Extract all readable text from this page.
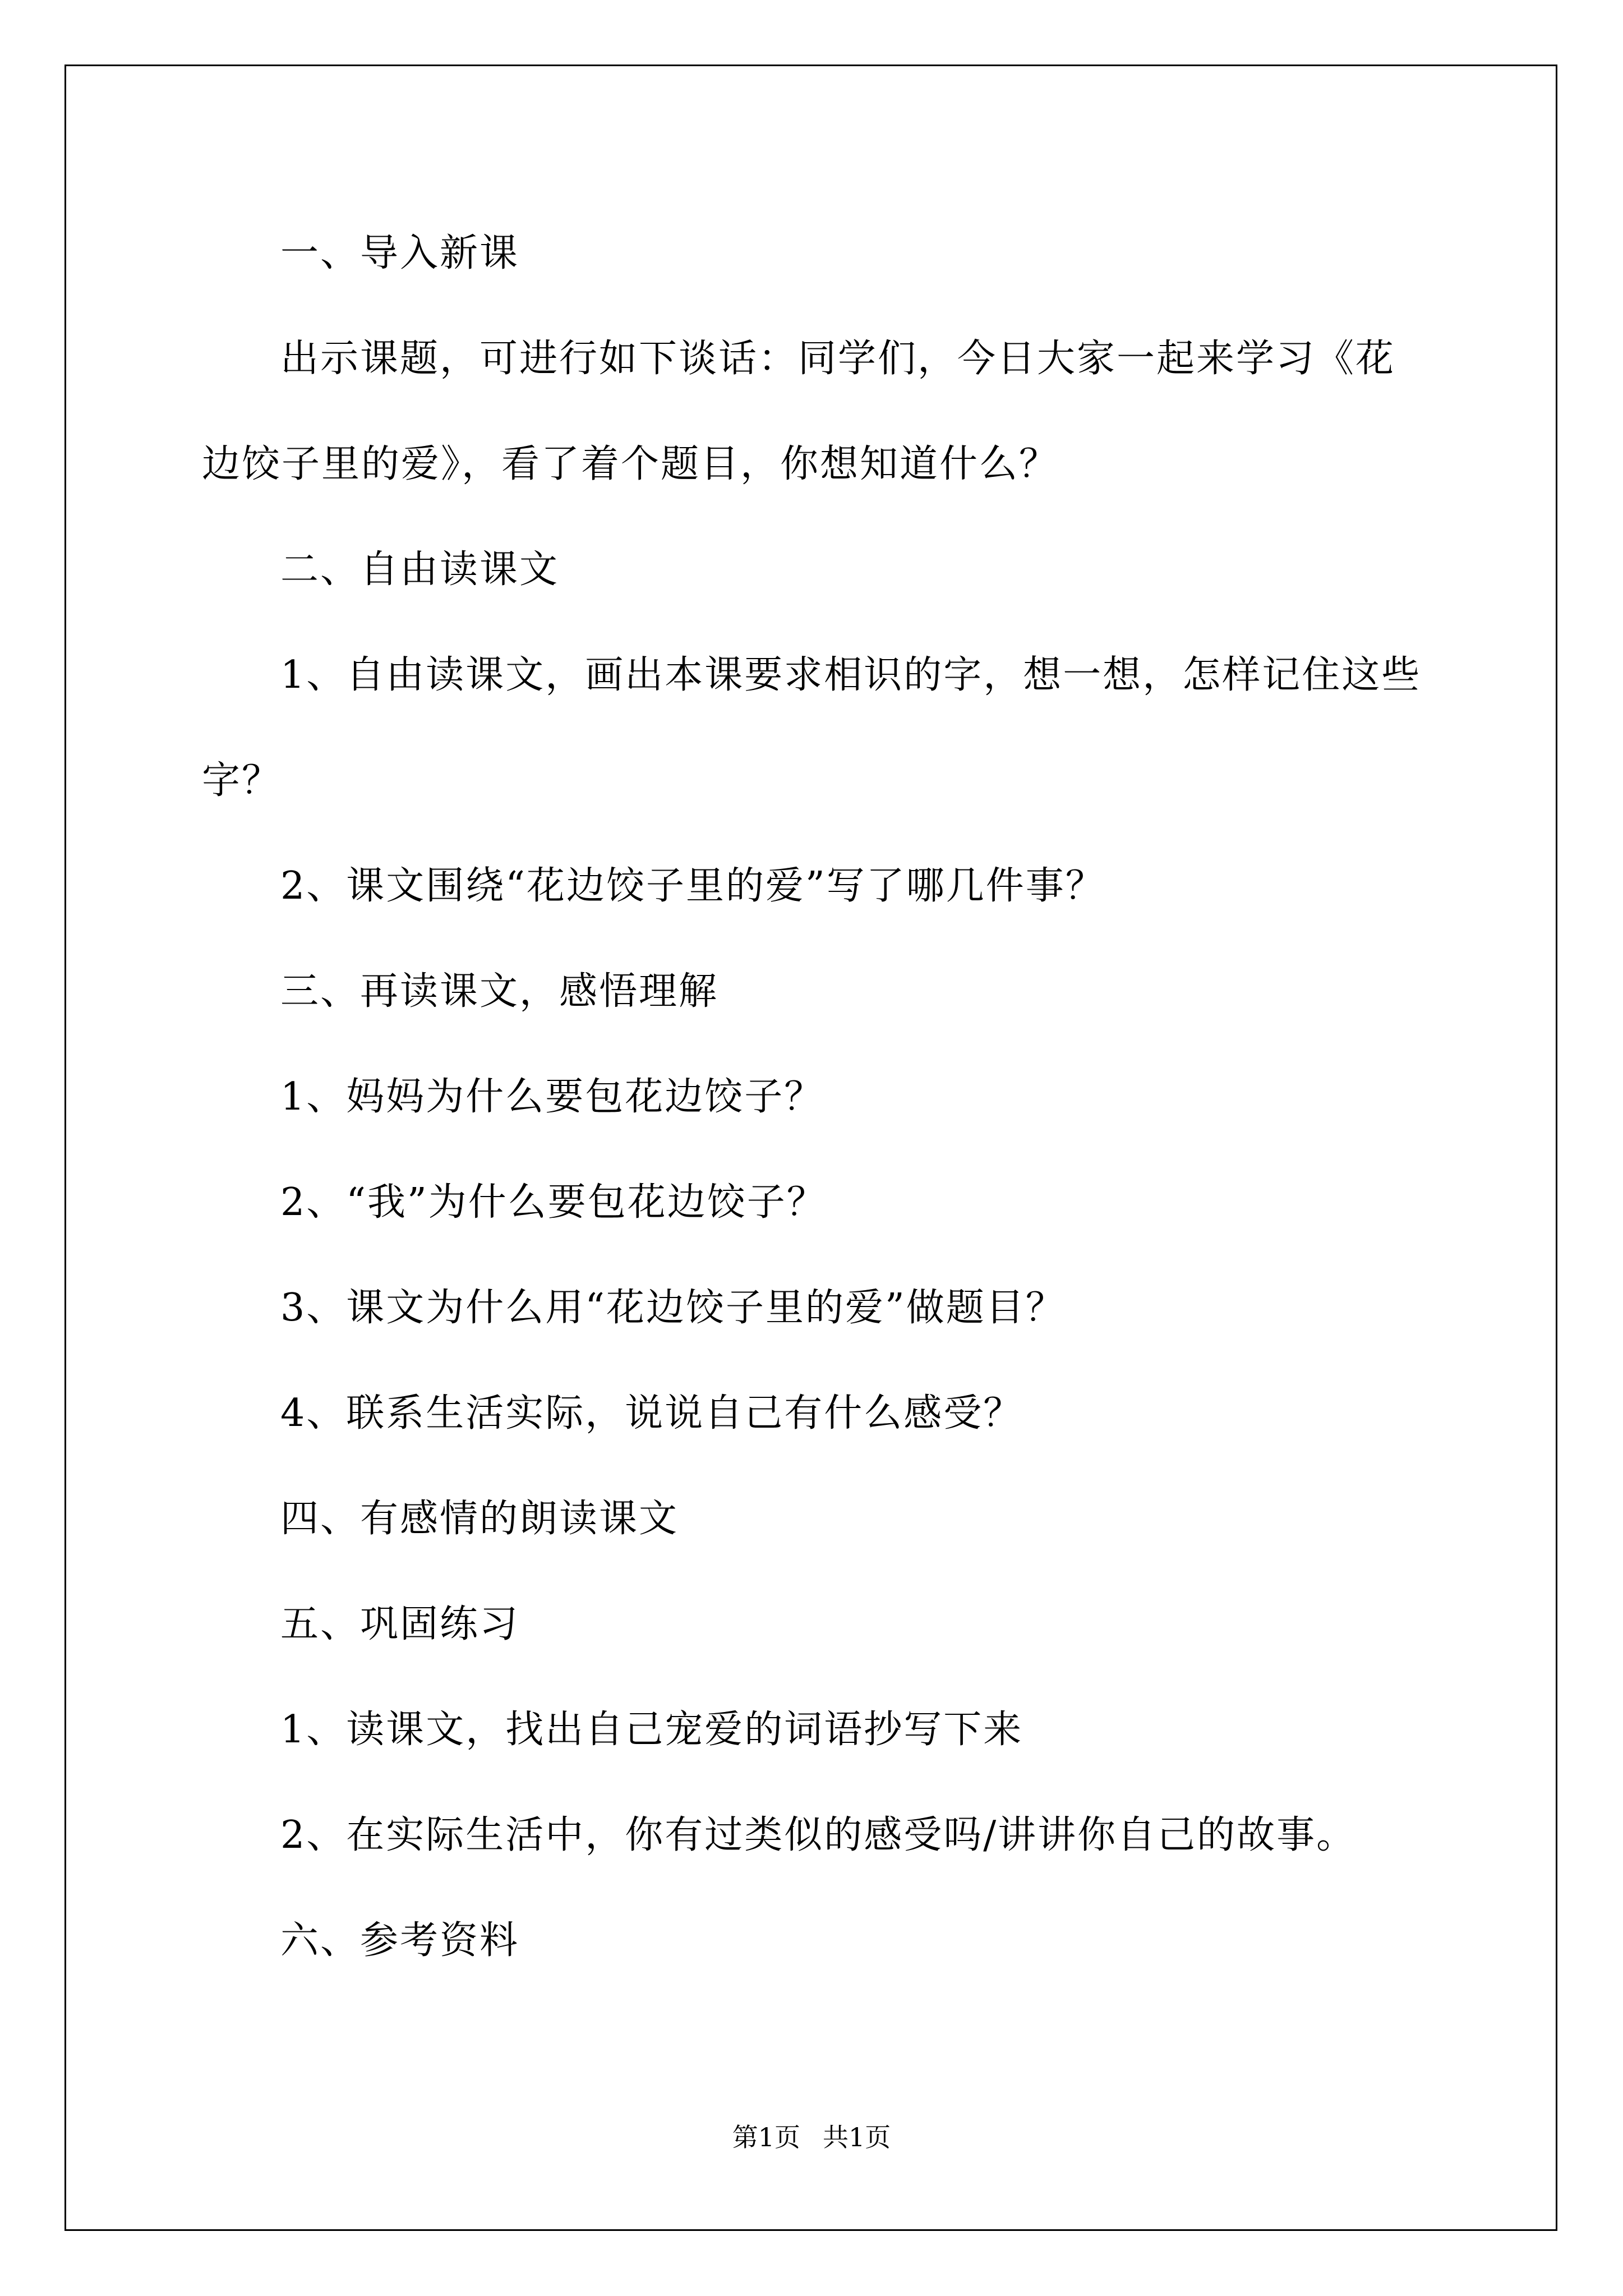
一、导入新课
出示课题，可进行如下谈话：同学们，今日大家一起来学习《花
边饺子里的爱》，看了着个题目，你想知道什么？
二、自由读课文
1、自由读课文，画出本课要求相识的字，想一想，怎样记住这些
字？
2、课文围绕“花边饺子里的爱”写了哪几件事？
三、再读课文，感悟理解
1、妈妈为什么要包花边饺子？
2、“我”为什么要包花边饺子？
3、课文为什么用“花边饺子里的爱”做题目？
4、联系生活实际，说说自己有什么感受？
四、有感情的朗读课文
五、巩固练习
1、读课文，找出自己宠爱的词语抄写下来
2、在实际生活中，你有过类似的感受吗/讲讲你自己的故事。
六、参考资料
第1页 共1页
